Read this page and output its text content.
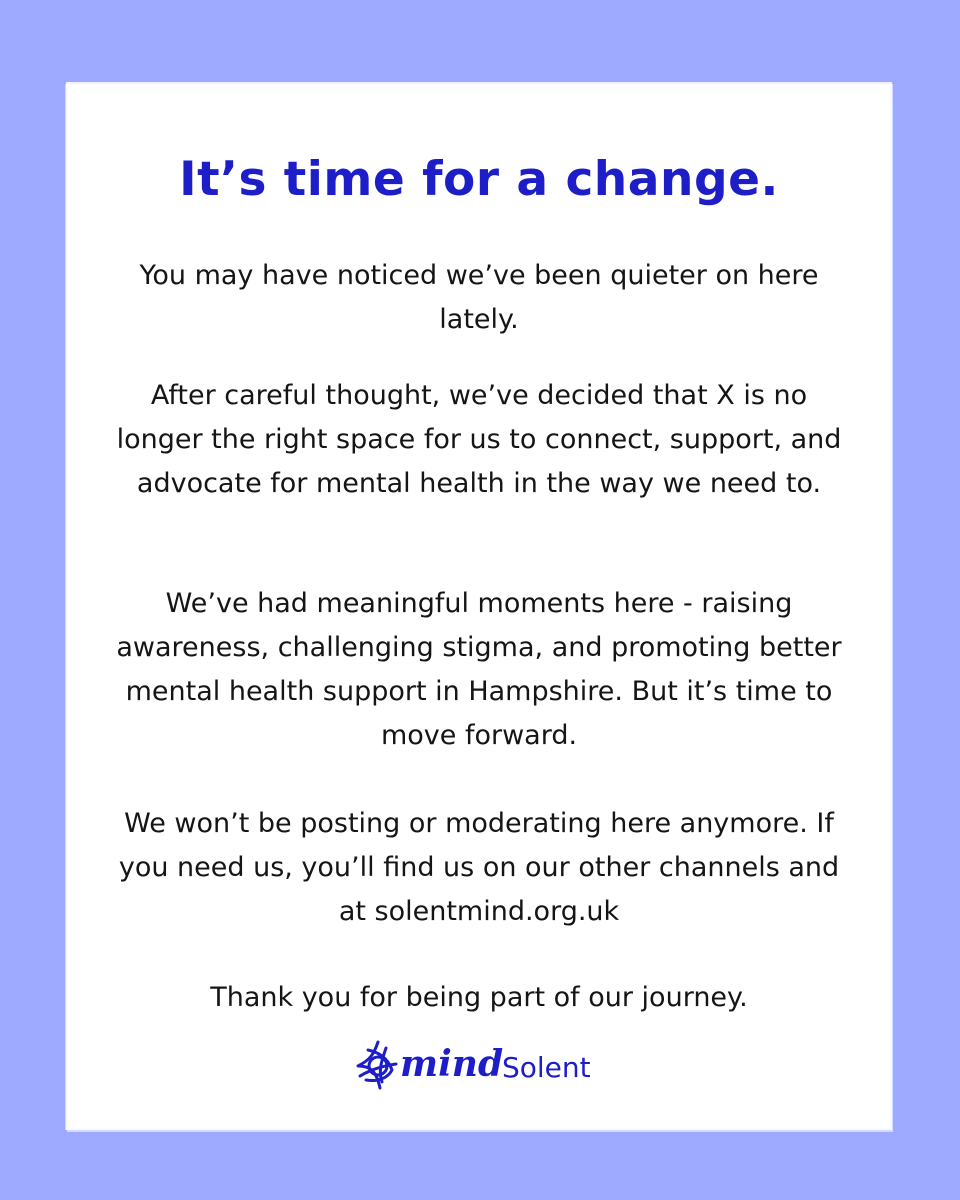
It’s time for a change.

You may have noticed we’ve been quieter on here lately.

After careful thought, we’ve decided that X is no longer the right space for us to connect, support, and advocate for mental health in the way we need to.

We’ve had meaningful moments here - raising awareness, challenging stigma, and promoting better mental health support in Hampshire. But it’s time to move forward.

We won’t be posting or moderating here anymore. If you need us, you’ll find us on our other channels and at solentmind.org.uk

Thank you for being part of our journey.

mind
Solent
